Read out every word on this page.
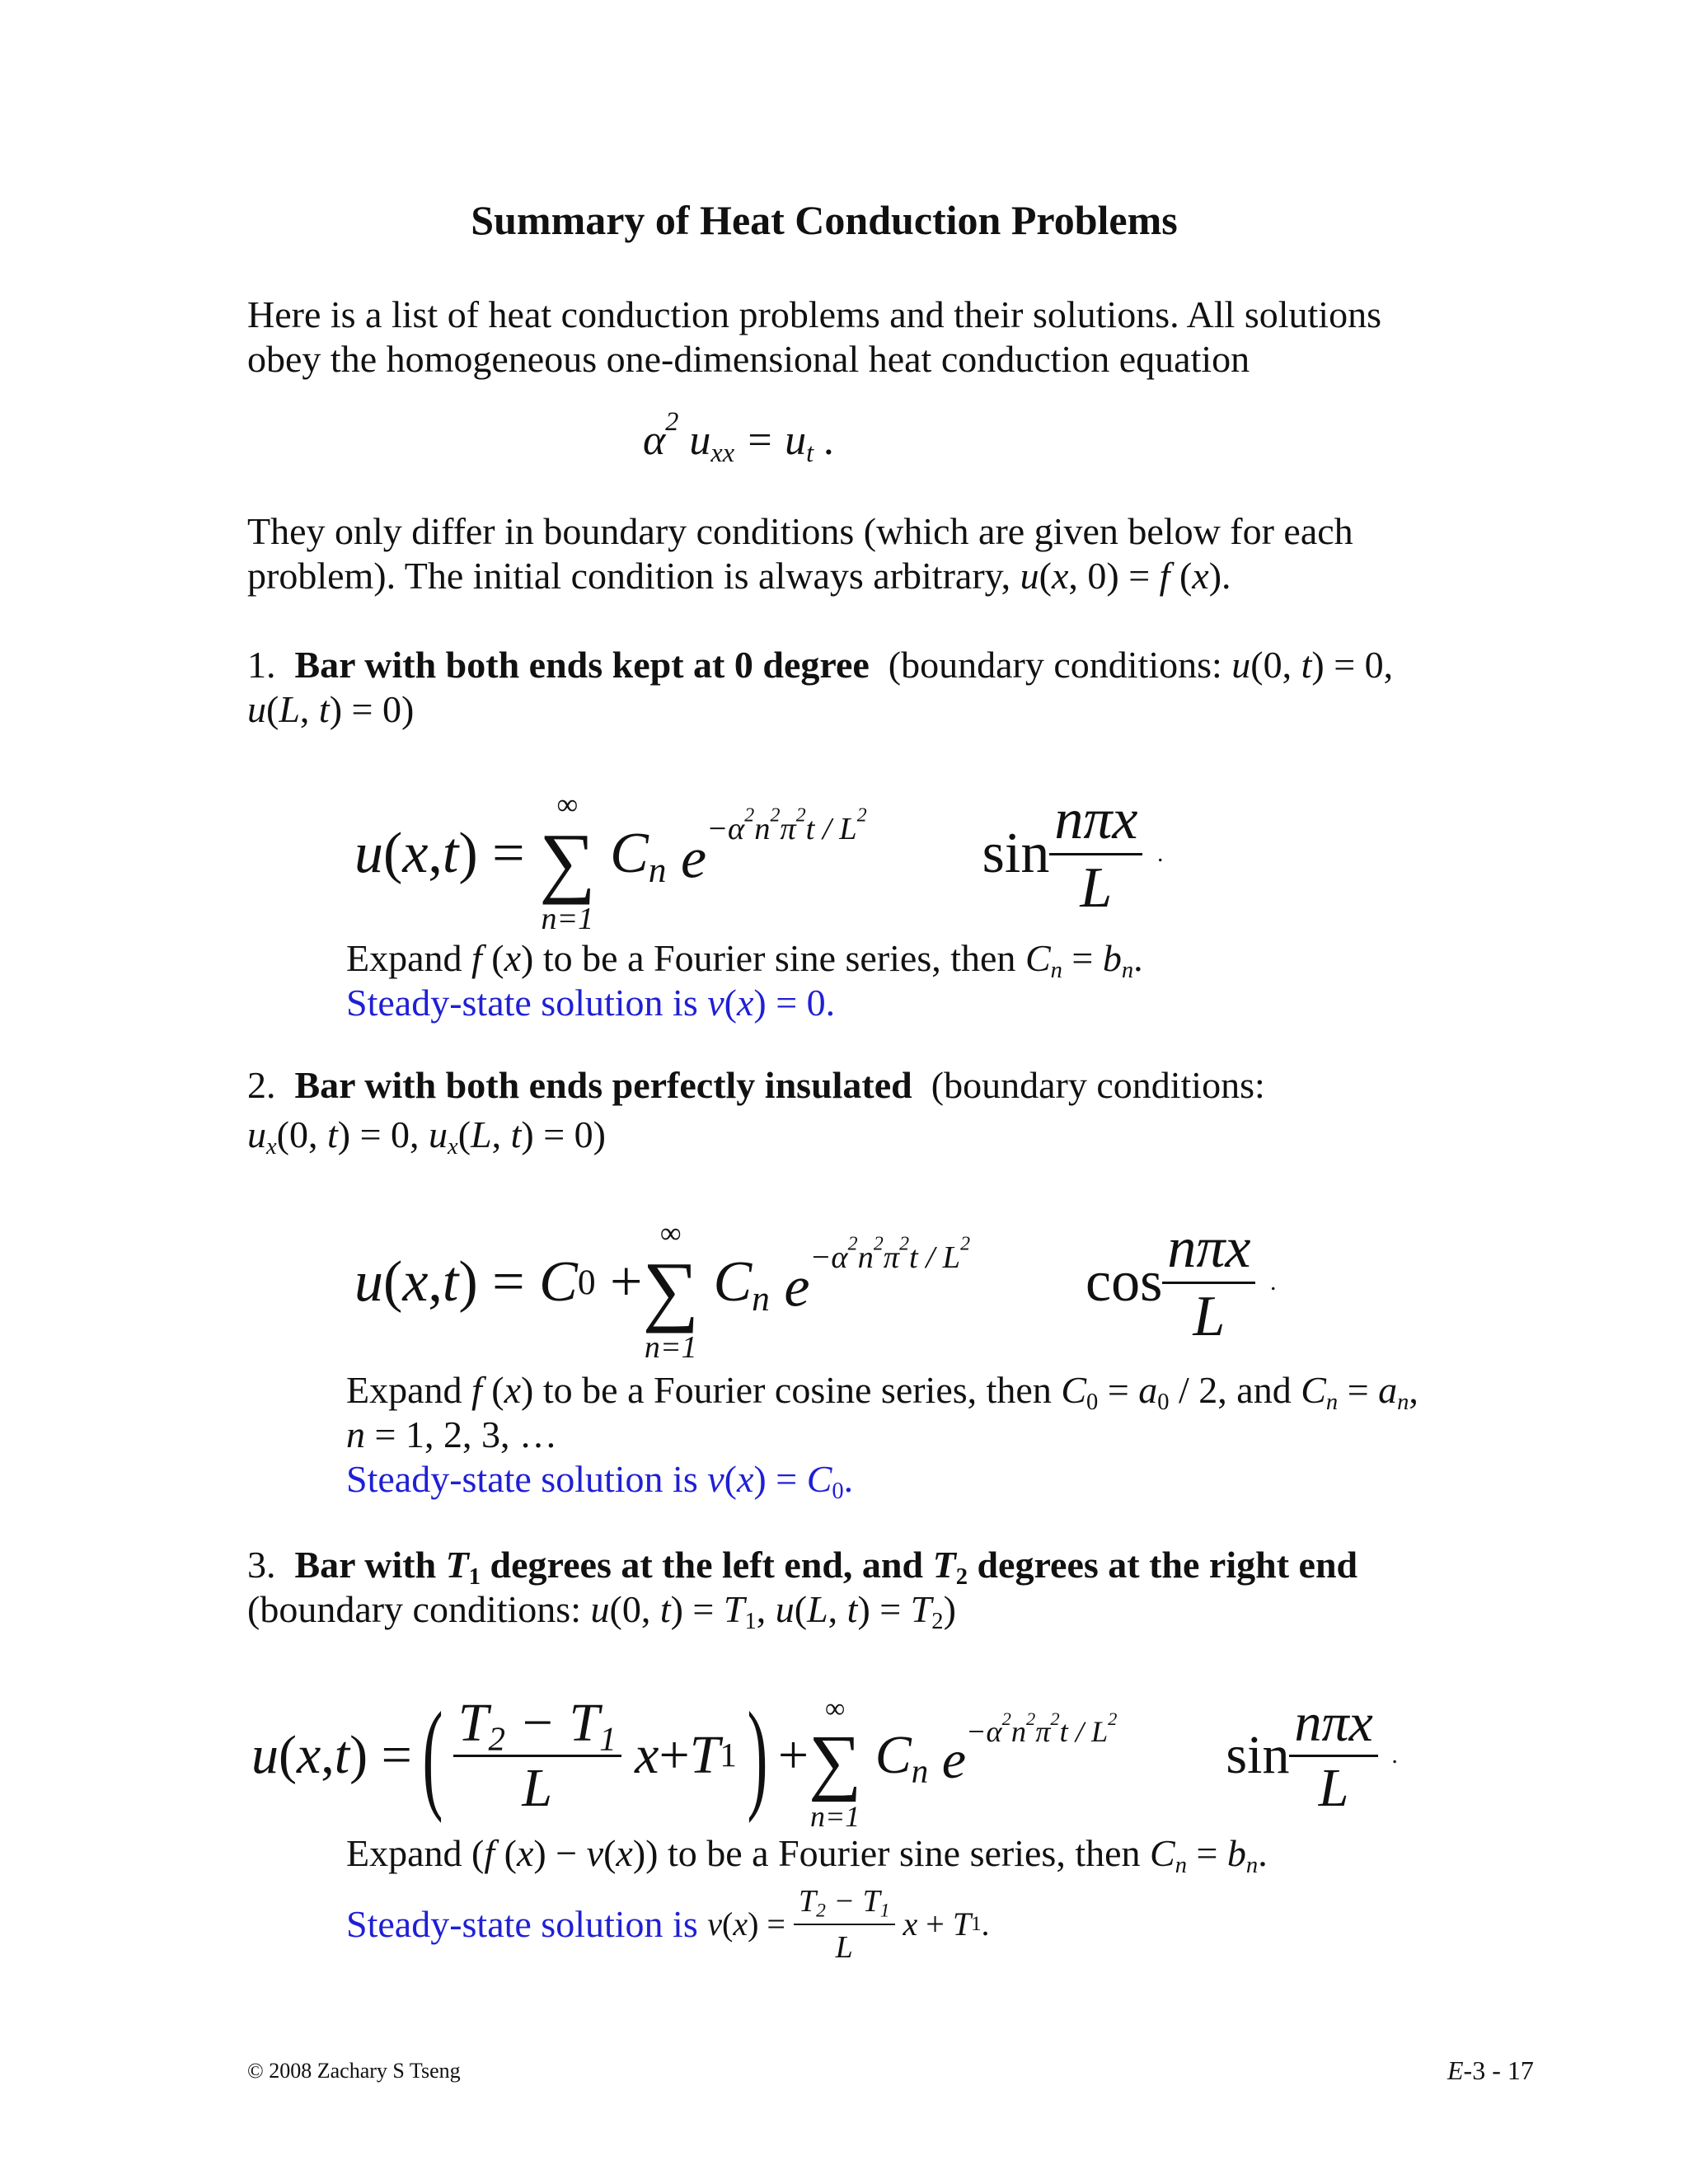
Summary of Heat Conduction Problems
Here is a list of heat conduction problems and their solutions. All solutions
obey the homogeneous one-dimensional heat conduction equation
$\alpha^2$ $u_{xx} = u_t$ .
They only differ in boundary conditions (which are given below for each
problem). The initial condition is always arbitrary, u(x, 0) = f (x).
1. Bar with both ends kept at 0 degree  (boundary conditions: u(0, t) = 0,
u(L, t) = 0)
u ( x , t ) =
∞
∑
n=1

$C_n$
$e^{-\alpha^2n^2\pi^2t / L^2}$
$\sin \frac{\text{nπx}}{L}$
.
Expand f (x) to be a Fourier sine series, then $C_n = b_n$.
Steady-state solution is v(x) = 0.
2. Bar with both ends perfectly insulated (boundary conditions:
$u_x(0$, t) = 0, $u_x(L$, t) = 0)
u ( x , t ) = C 0 +
∞
∑
n=1

$C_n$
$e^{-\alpha^2n^2\pi^2t / L^2}$
$\cos \frac{\text{nπx}}{L}$
.
Expand f (x) to be a Fourier cosine series, then $C_0 = a_0 / 2$, and $C_n = a_n$,
n = 1, 2, 3, …
Steady-state solution is $v(x) = C_0$.
3. Bar with $T_1$ degrees at the left end, and $T_2$ degrees at the right end
(boundary conditions: u(0, $t) = T_1$, u(L, $t) = T_2$)
u ( x , t ) = ( $\frac{T_2 - T_1}{L}$
x + T 1 ) +
∞
∑
n=1

$C_n$
$e^{-\alpha^2n^2\pi^2t / L^2}$
$\sin \frac{\text{nπx}}{L}$
.
Expand (f (x) − v(x)) to be a Fourier sine series, then $C_n = b_n$.
Steady-state solution is
v ( x ) = $\frac{T_2 - T_1}{L}$
x + T 1 .
© 2008 Zachary S Tseng	E-3 - 17
